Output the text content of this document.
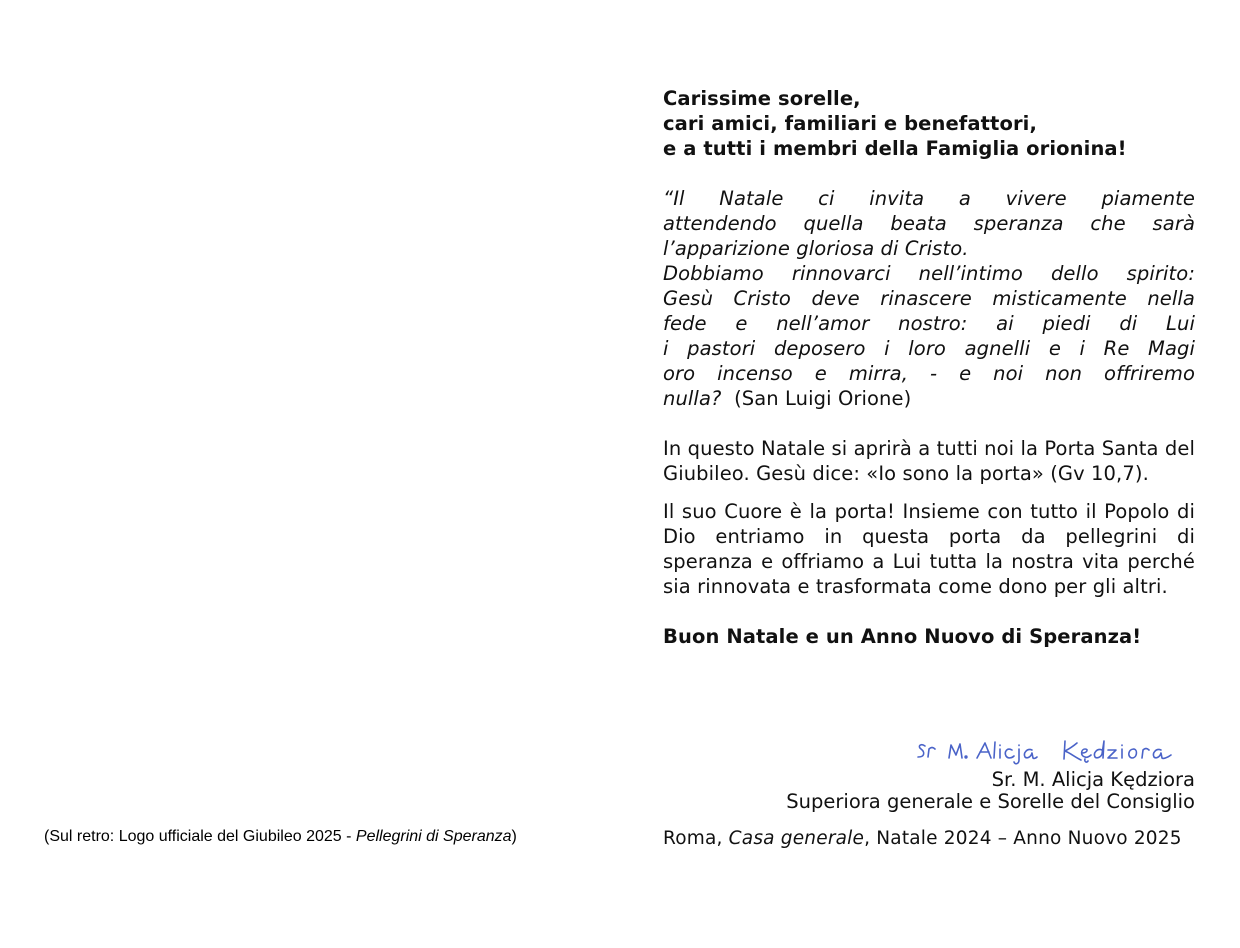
Carissime sorelle,
cari amici, familiari e benefattori,
e a tutti i membri della Famiglia orionina!

“Il Natale ci invita a vivere piamente
attendendo quella beata speranza che sarà
l’apparizione gloriosa di Cristo.
Dobbiamo rinnovarci nell’intimo dello spirito:
Gesù Cristo deve rinascere misticamente nella
fede e nell’amor nostro: ai piedi di Lui
i pastori deposero i loro agnelli e i Re Magi
oro incenso e mirra, - e noi non offriremo
nulla? (San Luigi Orione)

In questo Natale si aprirà a tutti noi la Porta Santa del Giubileo. Gesù dice: «Io sono la porta» (Gv 10,7).

Il suo Cuore è la porta! Insieme con tutto il Popolo di Dio entriamo in questa porta da pellegrini di speranza e offriamo a Lui tutta la nostra vita perché sia rinnovata e trasformata come dono per gli altri.

Buon Natale e un Anno Nuovo di Speranza!

Sr. M. Alicja Kędziora
Superiora generale e Sorelle del Consiglio
Roma, Casa generale, Natale 2024 – Anno Nuovo 2025
(Sul retro: Logo ufficiale del Giubileo 2025 - Pellegrini di Speranza)
